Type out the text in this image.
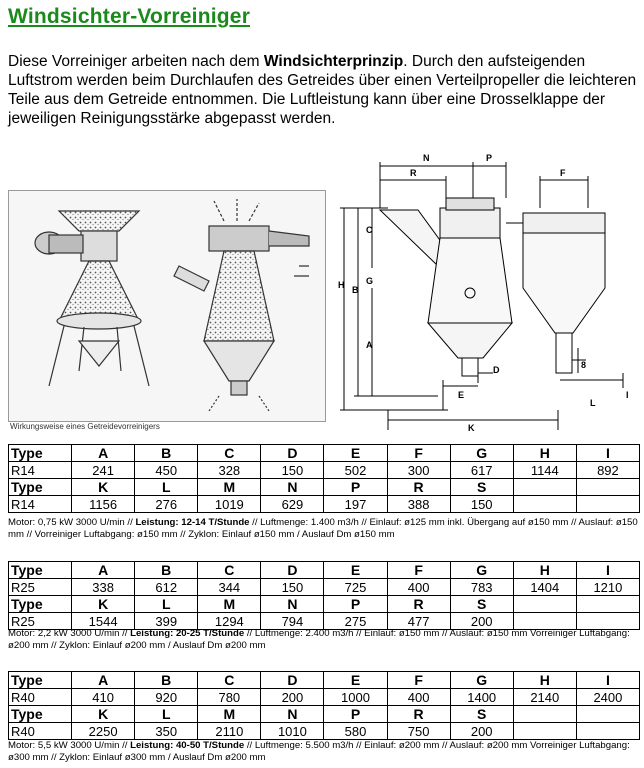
Windsichter-Vorreiniger
Diese Vorreiniger arbeiten nach dem Windsichterprinzip. Durch den aufsteigenden Luftstrom werden beim Durchlaufen des Getreides über einen Verteilpropeller die leichteren Teile aus dem Getreide entnommen. Die Luftleistung kann über eine Drosselklappe der jeweiligen Reinigungsstärke abgepasst werden.
Wirkungsweise eines Getreidevorreinigers
N	P
R	F
C
H B
A
G
D
E
8
I
L
K
Type	A	B	C	D	E	F	G	H	I
R14	241	450	328	150	502	300	617	1144	892
Type	K	L	M	N	P	R	S		
R14	1156	276	1019	629	197	388	150		
Motor: 0,75 kW 3000 U/min // Leistung: 12-14 T/Stunde // Luftmenge: 1.400 m3/h // Einlauf: ø125 mm inkl. Übergang auf ø150 mm // Auslauf: ø150 mm // Vorreiniger Luftabgang: ø150 mm // Zyklon: Einlauf ø150 mm / Auslauf Dm ø150 mm
Type	A	B	C	D	E	F	G	H	I
R25	338	612	344	150	725	400	783	1404	1210
Type	K	L	M	N	P	R	S		
R25	1544	399	1294	794	275	477	200		
Motor: 2,2 kW 3000 U/min // Leistung: 20-25 T/Stunde // Luftmenge: 2.400 m3/h // Einlauf: ø150 mm // Auslauf: ø150 mm Vorreiniger Luftabgang: ø200 mm // Zyklon: Einlauf ø200 mm / Auslauf Dm ø200 mm
Type	A	B	C	D	E	F	G	H	I
R40	410	920	780	200	1000	400	1400	2140	2400
Type	K	L	M	N	P	R	S		
R40	2250	350	2110	1010	580	750	200		
Motor: 5,5 kW 3000 U/min // Leistung: 40-50 T/Stunde // Luftmenge: 5.500 m3/h // Einlauf: ø200 mm // Auslauf: ø200 mm Vorreiniger Luftabgang: ø300 mm // Zyklon: Einlauf ø300 mm / Auslauf Dm ø200 mm
